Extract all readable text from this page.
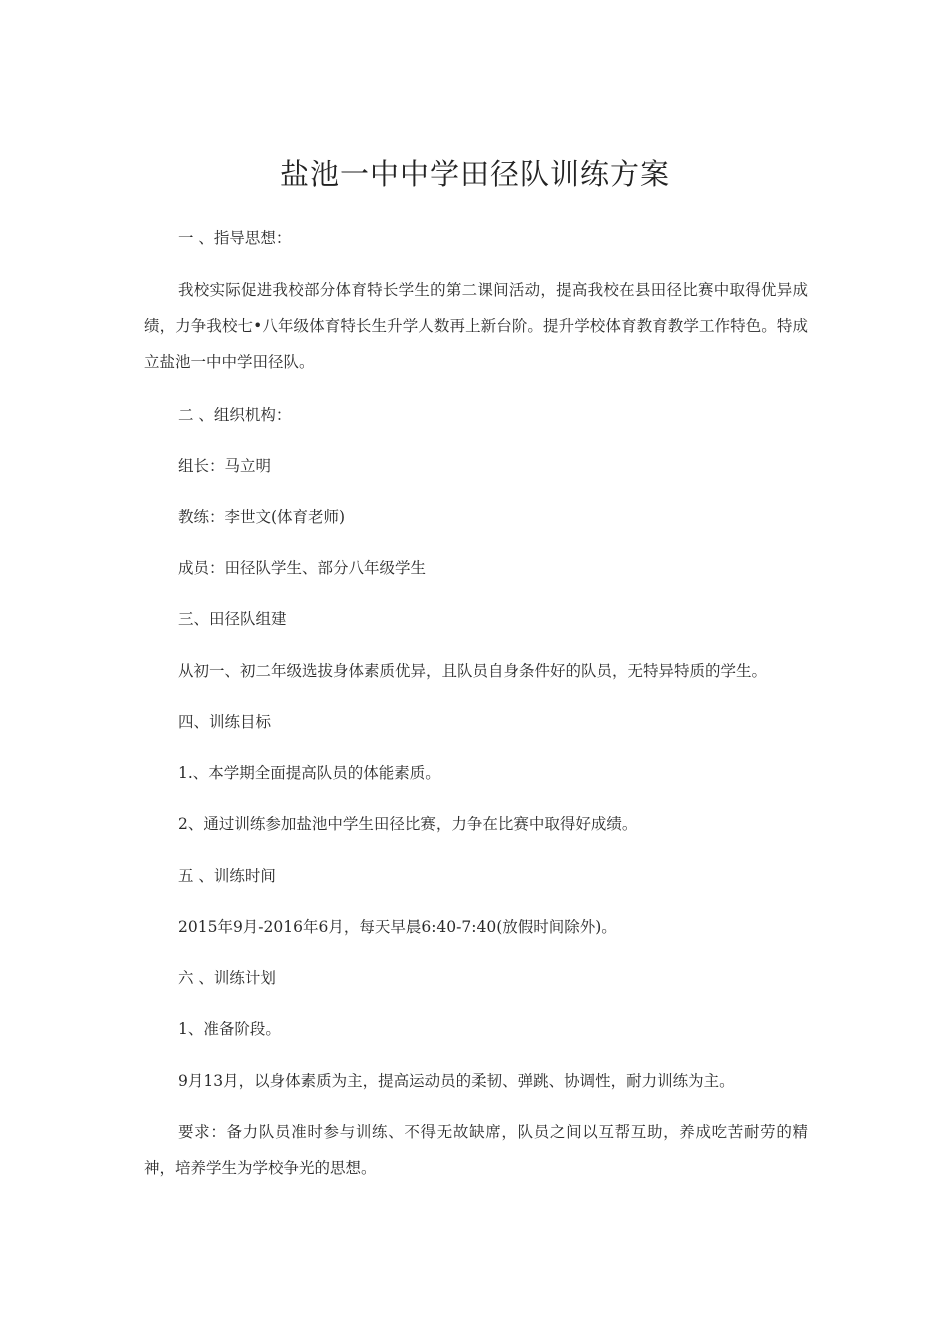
盐池一中中学田径队训练方案
一 、指导思想：
我校实际促进我校部分体育特长学生的第二课间活动，提高我校在县田径比赛中取得优异成绩，力争我校七•八年级体育特长生升学人数再上新台阶。提升学校体育教育教学工作特色。特成立盐池一中中学田径队。
二 、组织机构：
组长：马立明
教练：李世文(体育老师)
成员：田径队学生、部分八年级学生
三、田径队组建
从初一、初二年级选拔身体素质优异，且队员自身条件好的队员，无特异特质的学生。
四、训练目标
1.、本学期全面提高队员的体能素质。
2、通过训练参加盐池中学生田径比赛，力争在比赛中取得好成绩。
五 、训练时间
2015年9月-2016年6月，每天早晨6:40-7:40(放假时间除外)。
六 、训练计划
1、准备阶段。
9月13月，以身体素质为主，提高运动员的柔韧、弹跳、协调性，耐力训练为主。
要求：备力队员准时参与训练、不得无故缺席，队员之间以互帮互助，养成吃苦耐劳的精神，培养学生为学校争光的思想。
